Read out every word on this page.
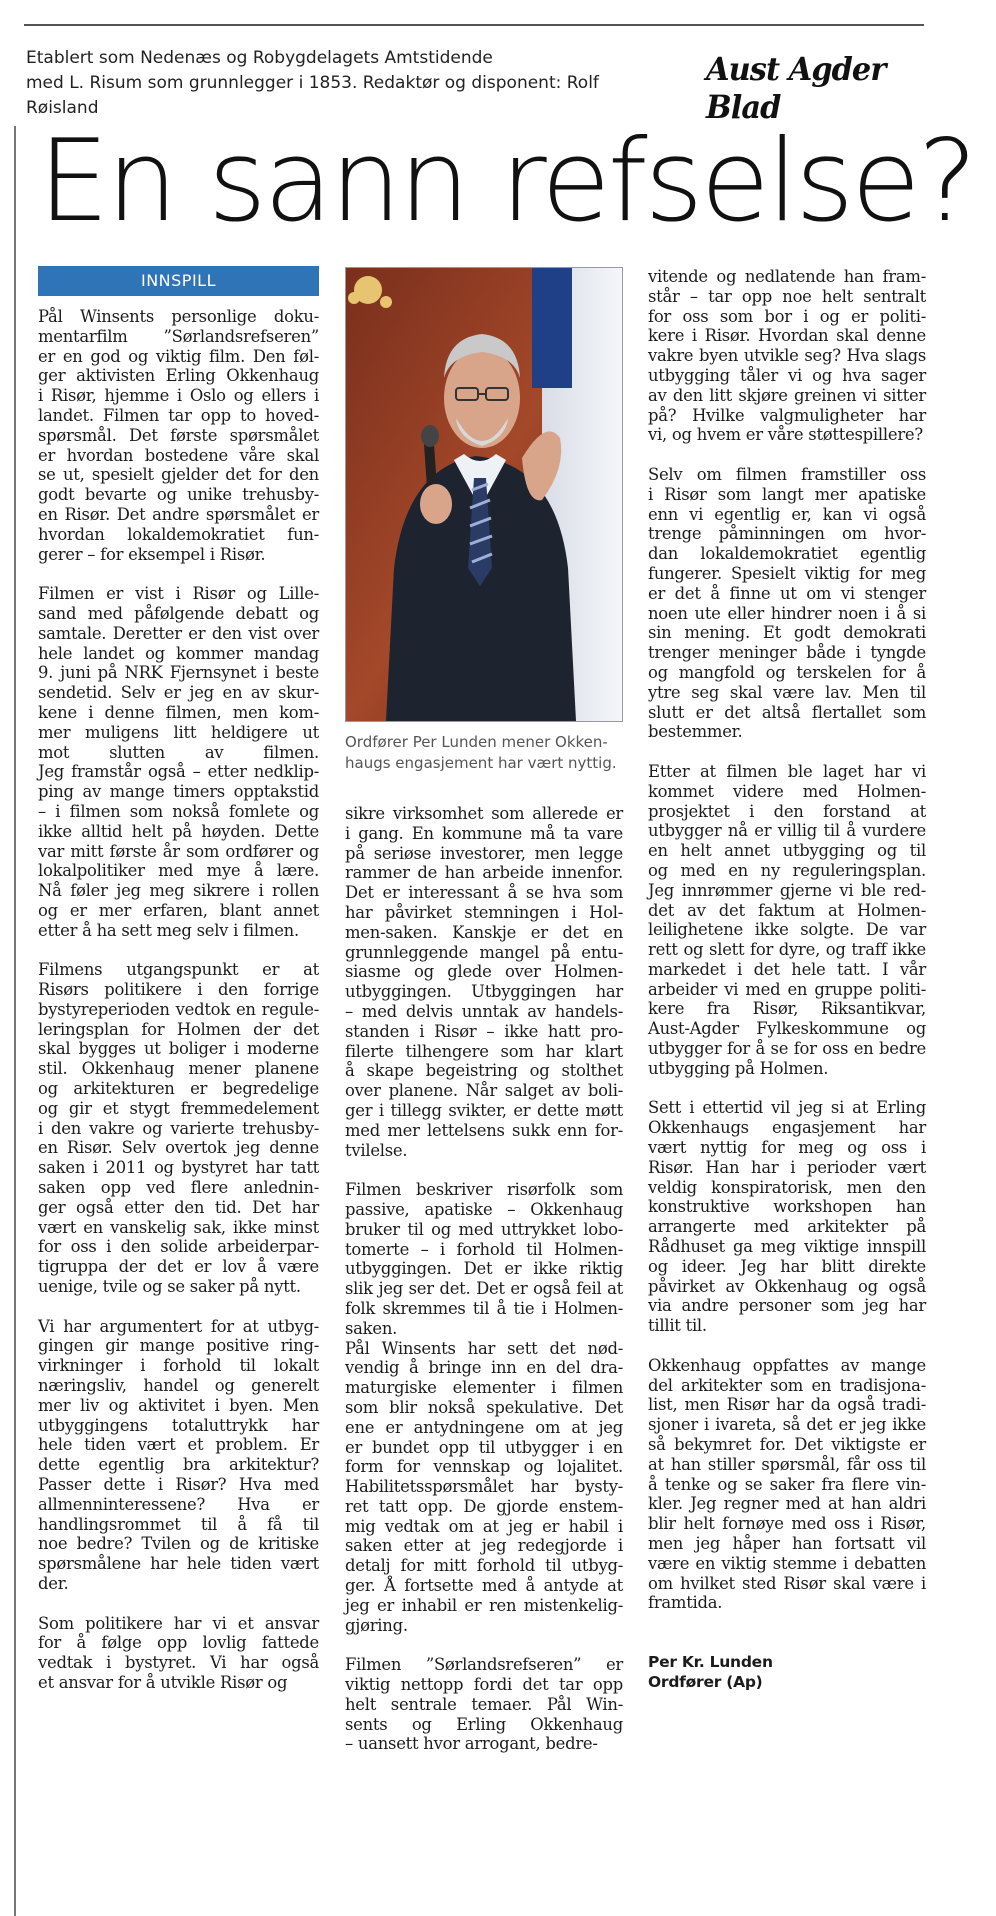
Etablert som Nedenæs og Robygdelagets Amtstidende
med L. Risum som grunnlegger i 1853. Redaktør og disponent: Rolf Røisland
Aust Agder Blad
En sann refselse?
INNSPILL
Pål Winsents personlige doku-
mentarfilm ”Sørlandsrefseren”
er en god og viktig film. Den føl-
ger aktivisten Erling Okkenhaug
i Risør, hjemme i Oslo og ellers i
landet. Filmen tar opp to hoved-
spørsmål. Det første spørsmålet
er hvordan bostedene våre skal
se ut, spesielt gjelder det for den
godt bevarte og unike trehusby-
en Risør. Det andre spørsmålet er
hvordan lokaldemokratiet fun-
gerer – for eksempel i Risør.
Filmen er vist i Risør og Lille-
sand med påfølgende debatt og
samtale. Deretter er den vist over
hele landet og kommer mandag
9. juni på NRK Fjernsynet i beste
sendetid. Selv er jeg en av skur-
kene i denne filmen, men kom-
mer muligens litt heldigere ut
mot slutten av filmen.
Jeg framstår også – etter nedklip-
ping av mange timers opptakstid
– i filmen som nokså fomlete og
ikke alltid helt på høyden. Dette
var mitt første år som ordfører og
lokalpolitiker med mye å lære.
Nå føler jeg meg sikrere i rollen
og er mer erfaren, blant annet
etter å ha sett meg selv i filmen.
Filmens utgangspunkt er at
Risørs politikere i den forrige
bystyreperioden vedtok en regule-
leringsplan for Holmen der det
skal bygges ut boliger i moderne
stil. Okkenhaug mener planene
og arkitekturen er begredelige
og gir et stygt fremmedelement
i den vakre og varierte trehusby-
en Risør. Selv overtok jeg denne
saken i 2011 og bystyret har tatt
saken opp ved flere anlednin-
ger også etter den tid. Det har
vært en vanskelig sak, ikke minst
for oss i den solide arbeiderpar-
tigruppa der det er lov å være
uenige, tvile og se saker på nytt.
Vi har argumentert for at utbyg-
gingen gir mange positive ring-
virkninger i forhold til lokalt
næringsliv, handel og generelt
mer liv og aktivitet i byen. Men
utbyggingens totaluttrykk har
hele tiden vært et problem. Er
dette egentlig bra arkitektur?
Passer dette i Risør? Hva med
allmenninteressene? Hva er
handlingsrommet til å få til
noe bedre? Tvilen og de kritiske
spørsmålene har hele tiden vært
der.
Som politikere har vi et ansvar
for å følge opp lovlig fattede
vedtak i bystyret. Vi har også
et ansvar for å utvikle Risør og
Ordfører Per Lunden mener Okken-
haugs engasjement har vært nyttig.
sikre virksomhet som allerede er
i gang. En kommune må ta vare
på seriøse investorer, men legge
rammer de han arbeide innenfor.
Det er interessant å se hva som
har påvirket stemningen i Hol-
men-saken. Kanskje er det en
grunnleggende mangel på entu-
siasme og glede over Holmen-
utbyggingen. Utbyggingen har
– med delvis unntak av handels-
standen i Risør – ikke hatt pro-
filerte tilhengere som har klart
å skape begeistring og stolthet
over planene. Når salget av boli-
ger i tillegg svikter, er dette møtt
med mer lettelsens sukk enn for-
tvilelse.
Filmen beskriver risørfolk som
passive, apatiske – Okkenhaug
bruker til og med uttrykket lobo-
tomerte – i forhold til Holmen-
utbyggingen. Det er ikke riktig
slik jeg ser det. Det er også feil at
folk skremmes til å tie i Holmen-
saken.
Pål Winsents har sett det nød-
vendig å bringe inn en del dra-
maturgiske elementer i filmen
som blir nokså spekulative. Det
ene er antydningene om at jeg
er bundet opp til utbygger i en
form for vennskap og lojalitet.
Habilitetsspørsmålet har bysty-
ret tatt opp. De gjorde enstem-
mig vedtak om at jeg er habil i
saken etter at jeg redegjorde i
detalj for mitt forhold til utbyg-
ger. Å fortsette med å antyde at
jeg er inhabil er ren mistenkelig-
gjøring.
Filmen ”Sørlandsrefseren” er
viktig nettopp fordi det tar opp
helt sentrale temaer. Pål Win-
sents og Erling Okkenhaug
– uansett hvor arrogant, bedre-
vitende og nedlatende han fram-
står – tar opp noe helt sentralt
for oss som bor i og er politi-
kere i Risør. Hvordan skal denne
vakre byen utvikle seg? Hva slags
utbygging tåler vi og hva sager
av den litt skjøre greinen vi sitter
på? Hvilke valgmuligheter har
vi, og hvem er våre støttespillere?
Selv om filmen framstiller oss
i Risør som langt mer apatiske
enn vi egentlig er, kan vi også
trenge påminningen om hvor-
dan lokaldemokratiet egentlig
fungerer. Spesielt viktig for meg
er det å finne ut om vi stenger
noen ute eller hindrer noen i å si
sin mening. Et godt demokrati
trenger meninger både i tyngde
og mangfold og terskelen for å
ytre seg skal være lav. Men til
slutt er det altså flertallet som
bestemmer.
Etter at filmen ble laget har vi
kommet videre med Holmen-
prosjektet i den forstand at
utbygger nå er villig til å vurdere
en helt annet utbygging og til
og med en ny reguleringsplan.
Jeg innrømmer gjerne vi ble red-
det av det faktum at Holmen-
leilighetene ikke solgte. De var
rett og slett for dyre, og traff ikke
markedet i det hele tatt. I vår
arbeider vi med en gruppe politi-
kere fra Risør, Riksantikvar,
Aust-Agder Fylkeskommune og
utbygger for å se for oss en bedre
utbygging på Holmen.
Sett i ettertid vil jeg si at Erling
Okkenhaugs engasjement har
vært nyttig for meg og oss i
Risør. Han har i perioder vært
veldig konspiratorisk, men den
konstruktive workshopen han
arrangerte med arkitekter på
Rådhuset ga meg viktige innspill
og ideer. Jeg har blitt direkte
påvirket av Okkenhaug og også
via andre personer som jeg har
tillit til.
Okkenhaug oppfattes av mange
del arkitekter som en tradisjona-
list, men Risør har da også tradi-
sjoner i ivareta, så det er jeg ikke
så bekymret for. Det viktigste er
at han stiller spørsmål, får oss til
å tenke og se saker fra flere vin-
kler. Jeg regner med at han aldri
blir helt fornøye med oss i Risør,
men jeg håper han fortsatt vil
være en viktig stemme i debatten
om hvilket sted Risør skal være i
framtida.
Per Kr. Lunden
Ordfører (Ap)
